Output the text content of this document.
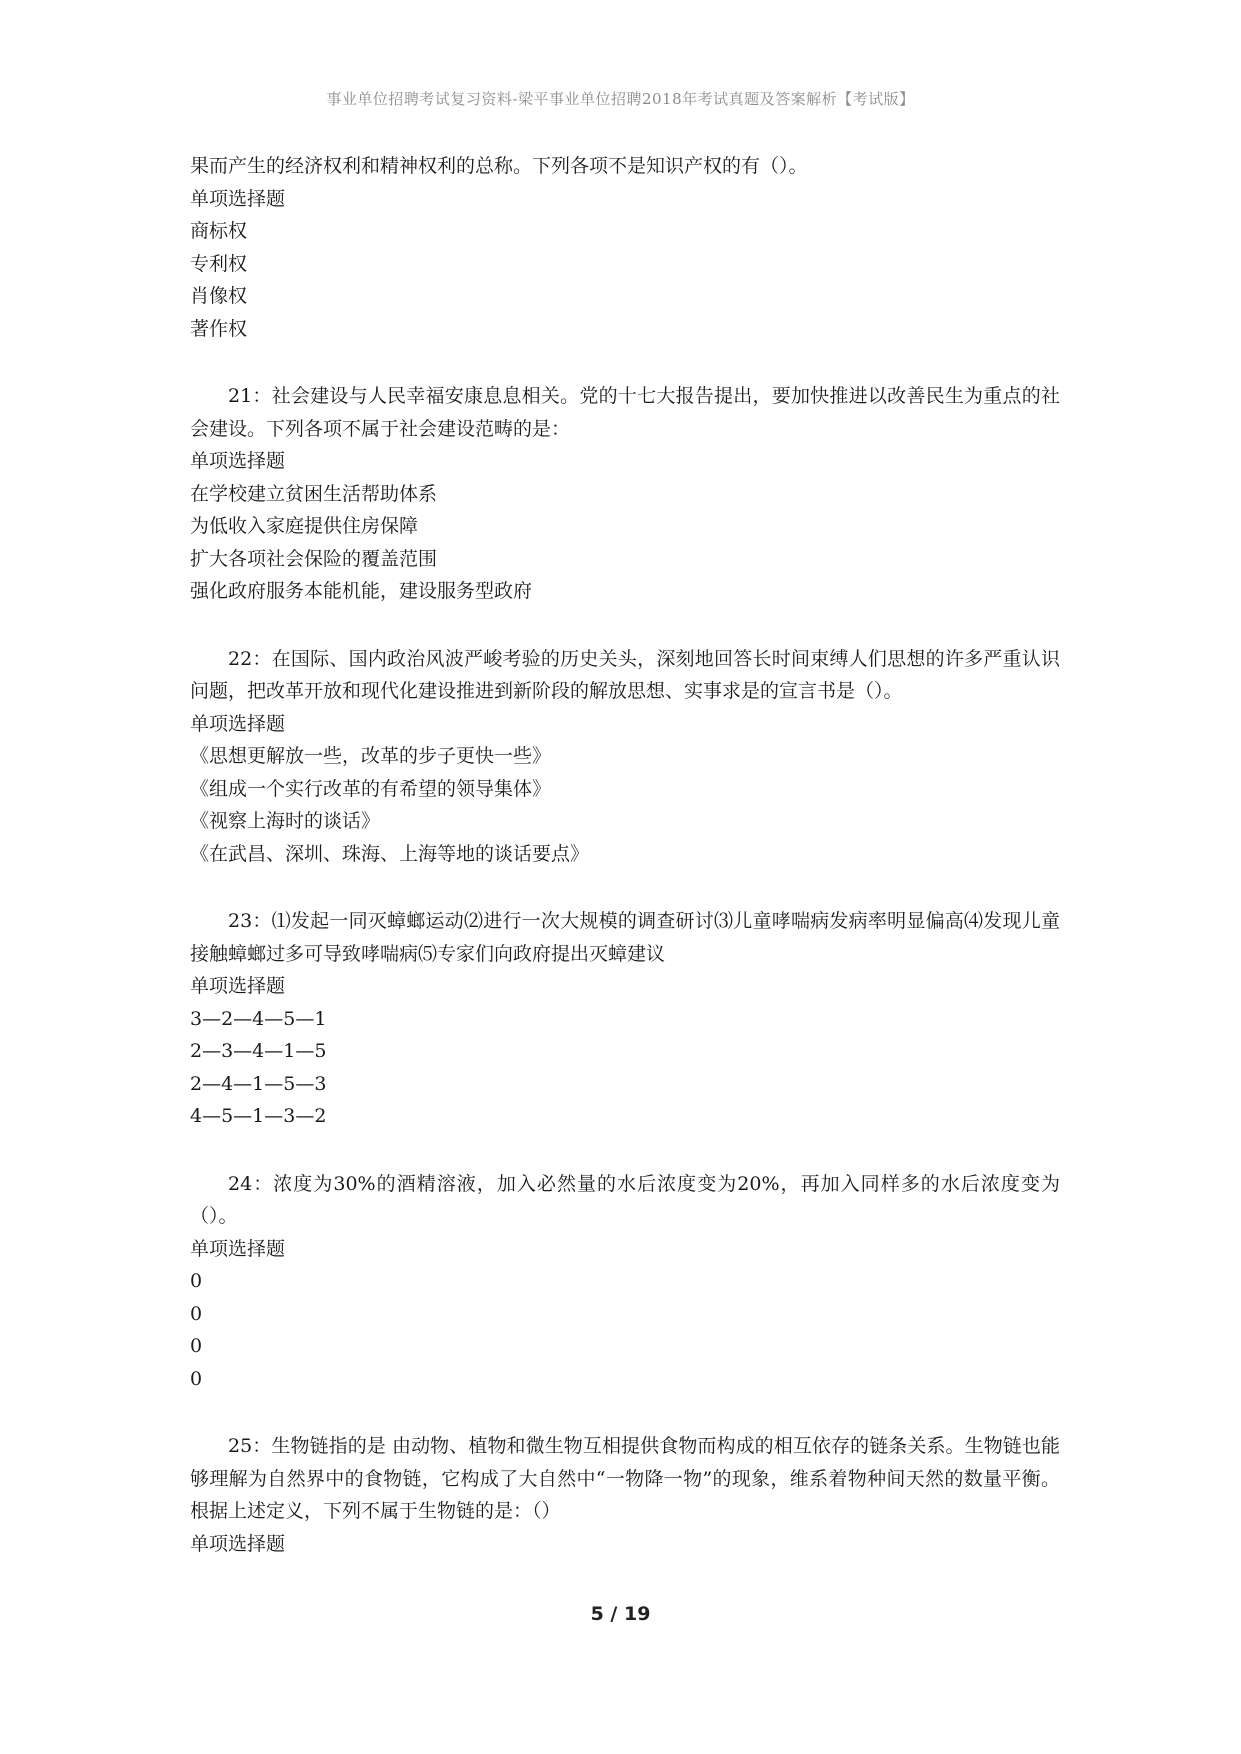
事业单位招聘考试复习资料-梁平事业单位招聘2018年考试真题及答案解析【考试版】
果而产生的经济权利和精神权利的总称。下列各项不是知识产权的有（）。
单项选择题
商标权
专利权
肖像权
著作权
21：社会建设与人民幸福安康息息相关。党的十七大报告提出，要加快推进以改善民生为重点的社会建设。下列各项不属于社会建设范畴的是：
单项选择题
在学校建立贫困生活帮助体系
为低收入家庭提供住房保障
扩大各项社会保险的覆盖范围
强化政府服务本能机能，建设服务型政府
22：在国际、国内政治风波严峻考验的历史关头，深刻地回答长时间束缚人们思想的许多严重认识问题，把改革开放和现代化建设推进到新阶段的解放思想、实事求是的宣言书是（）。
单项选择题
《思想更解放一些，改革的步子更快一些》
《组成一个实行改革的有希望的领导集体》
《视察上海时的谈话》
《在武昌、深圳、珠海、上海等地的谈话要点》
23：⑴发起一同灭蟑螂运动⑵进行一次大规模的调查研讨⑶儿童哮喘病发病率明显偏高⑷发现儿童接触蟑螂过多可导致哮喘病⑸专家们向政府提出灭蟑建议
单项选择题
3—2—4—5—1
2—3—4—1—5
2—4—1—5—3
4—5—1—3—2
24：浓度为30%的酒精溶液，加入必然量的水后浓度变为20%，再加入同样多的水后浓度变为（）。
单项选择题
0
0
0
0
25：生物链指的是 由动物、植物和微生物互相提供食物而构成的相互依存的链条关系。生物链也能够理解为自然界中的食物链，它构成了大自然中“一物降一物”的现象，维系着物种间天然的数量平衡。根据上述定义，下列不属于生物链的是：（）
单项选择题
5 / 19
